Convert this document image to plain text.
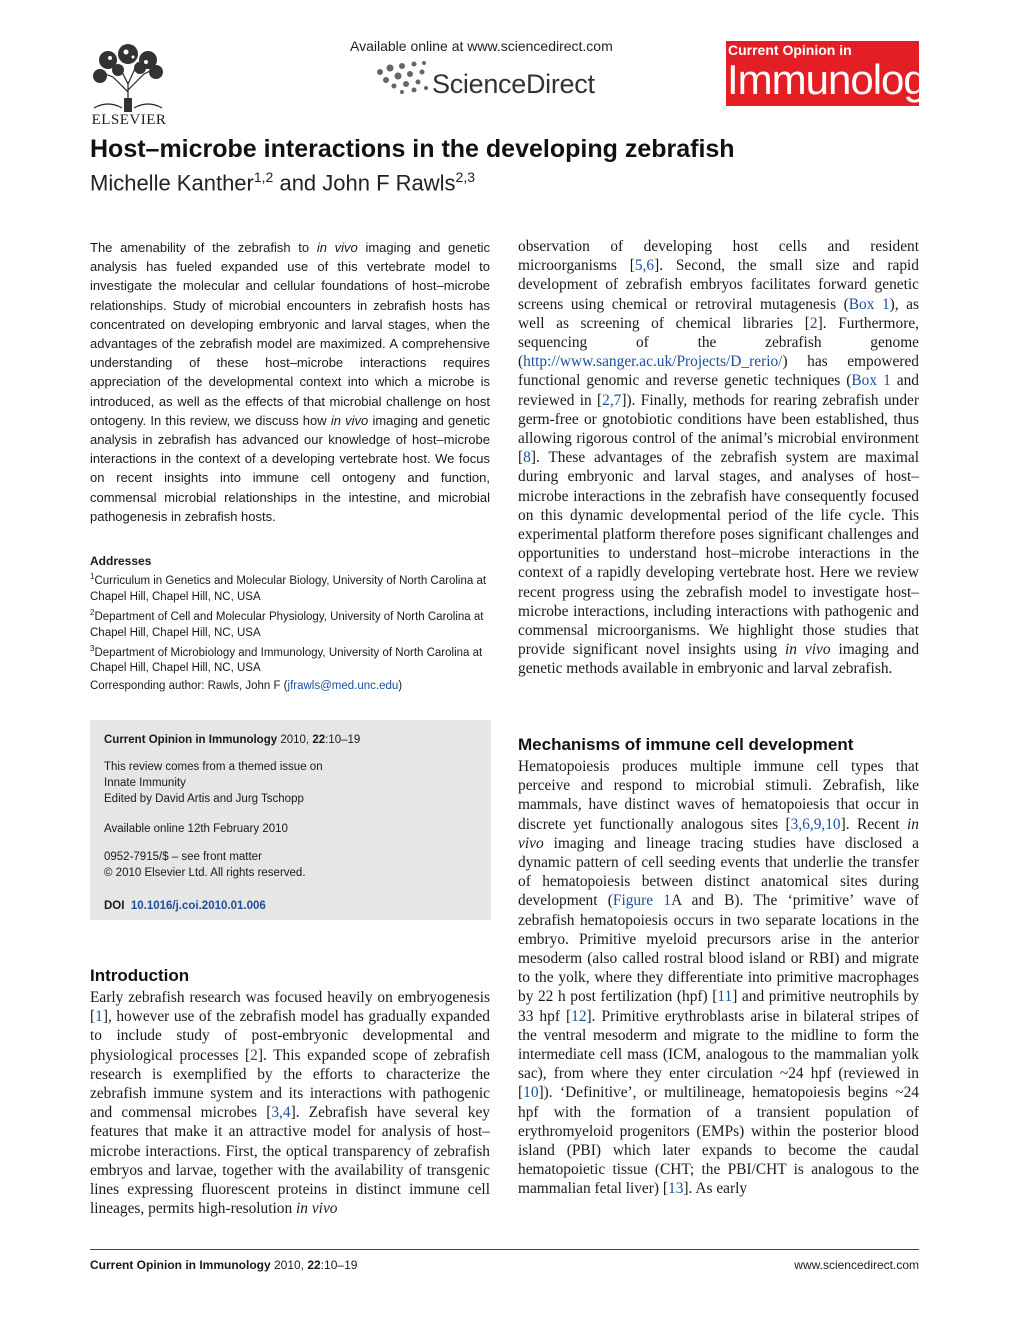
ELSEVIER
Available online at www.sciencedirect.com
ScienceDirect
Current Opinion in
Immunology
Host–microbe interactions in the developing zebrafish
Michelle Kanther$^{1,2}$ and John F Rawls$^{2,3}$
The amenability of the zebrafish to in vivo imaging and genetic analysis has fueled expanded use of this vertebrate model to investigate the molecular and cellular foundations of host–microbe relationships. Study of microbial encounters in zebrafish hosts has concentrated on developing embryonic and larval stages, when the advantages of the zebrafish model are maximized. A comprehensive understanding of these host–microbe interactions requires appreciation of the developmental context into which a microbe is introduced, as well as the effects of that microbial challenge on host ontogeny. In this review, we discuss how in vivo imaging and genetic analysis in zebrafish has advanced our knowledge of host–microbe interactions in the context of a developing vertebrate host. We focus on recent insights into immune cell ontogeny and function, commensal microbial relationships in the intestine, and microbial pathogenesis in zebrafish hosts.
Addresses
$^1$Curriculum in Genetics and Molecular Biology, University of North Carolina at Chapel Hill, Chapel Hill, NC, USA
$^2$Department of Cell and Molecular Physiology, University of North Carolina at Chapel Hill, Chapel Hill, NC, USA
$^3$Department of Microbiology and Immunology, University of North Carolina at Chapel Hill, Chapel Hill, NC, USA
Corresponding author: Rawls, John F (jfrawls@med.unc.edu)
Current Opinion in Immunology 2010, 22:10–19
This review comes from a themed issue on
Innate Immunity
Edited by David Artis and Jurg Tschopp
Available online 12th February 2010
0952-7915/$ – see front matter
© 2010 Elsevier Ltd. All rights reserved.
DOI 10.1016/j.coi.2010.01.006
Introduction
Early zebrafish research was focused heavily on embryogenesis [1], however use of the zebrafish model has gradually expanded to include study of post-embryonic developmental and physiological processes [2]. This expanded scope of zebrafish research is exemplified by the efforts to characterize the zebrafish immune system and its interactions with pathogenic and commensal microbes [3,4]. Zebrafish have several key features that make it an attractive model for analysis of host–microbe interactions. First, the optical transparency of zebrafish embryos and larvae, together with the availability of transgenic lines expressing fluorescent proteins in distinct immune cell lineages, permits high-resolution in vivo
observation of developing host cells and resident microorganisms [5,6]. Second, the small size and rapid development of zebrafish embryos facilitates forward genetic screens using chemical or retroviral mutagenesis (Box 1), as well as screening of chemical libraries [2]. Furthermore, sequencing of the zebrafish genome (http://www.sanger.ac.uk/Projects/D_rerio/) has empowered functional genomic and reverse genetic techniques (Box 1 and reviewed in [2,7]). Finally, methods for rearing zebrafish under germ-free or gnotobiotic conditions have been established, thus allowing rigorous control of the animal’s microbial environment [8]. These advantages of the zebrafish system are maximal during embryonic and larval stages, and analyses of host–microbe interactions in the zebrafish have consequently focused on this dynamic developmental period of the life cycle. This experimental platform therefore poses significant challenges and opportunities to understand host–microbe interactions in the context of a rapidly developing vertebrate host. Here we review recent progress using the zebrafish model to investigate host–microbe interactions, including interactions with pathogenic and commensal microorganisms. We highlight those studies that provide significant novel insights using in vivo imaging and genetic methods available in embryonic and larval zebrafish.
Mechanisms of immune cell development
Hematopoiesis produces multiple immune cell types that perceive and respond to microbial stimuli. Zebrafish, like mammals, have distinct waves of hematopoiesis that occur in discrete yet functionally analogous sites [3,6,9,10]. Recent in vivo imaging and lineage tracing studies have disclosed a dynamic pattern of cell seeding events that underlie the transfer of hematopoiesis between distinct anatomical sites during development (Figure 1A and B). The ‘primitive’ wave of zebrafish hematopoiesis occurs in two separate locations in the embryo. Primitive myeloid precursors arise in the anterior mesoderm (also called rostral blood island or RBI) and migrate to the yolk, where they differentiate into primitive macrophages by 22 h post fertilization (hpf) [11] and primitive neutrophils by 33 hpf [12]. Primitive erythroblasts arise in bilateral stripes of the ventral mesoderm and migrate to the midline to form the intermediate cell mass (ICM, analogous to the mammalian yolk sac), from where they enter circulation ~24 hpf (reviewed in [10]). ‘Definitive’, or multilineage, hematopoiesis begins ~24 hpf with the formation of a transient population of erythromyeloid progenitors (EMPs) within the posterior blood island (PBI) which later expands to become the caudal hematopoietic tissue (CHT; the PBI/CHT is analogous to the mammalian fetal liver) [13]. As early
Current Opinion in Immunology 2010, 22:10–19	www.sciencedirect.com
